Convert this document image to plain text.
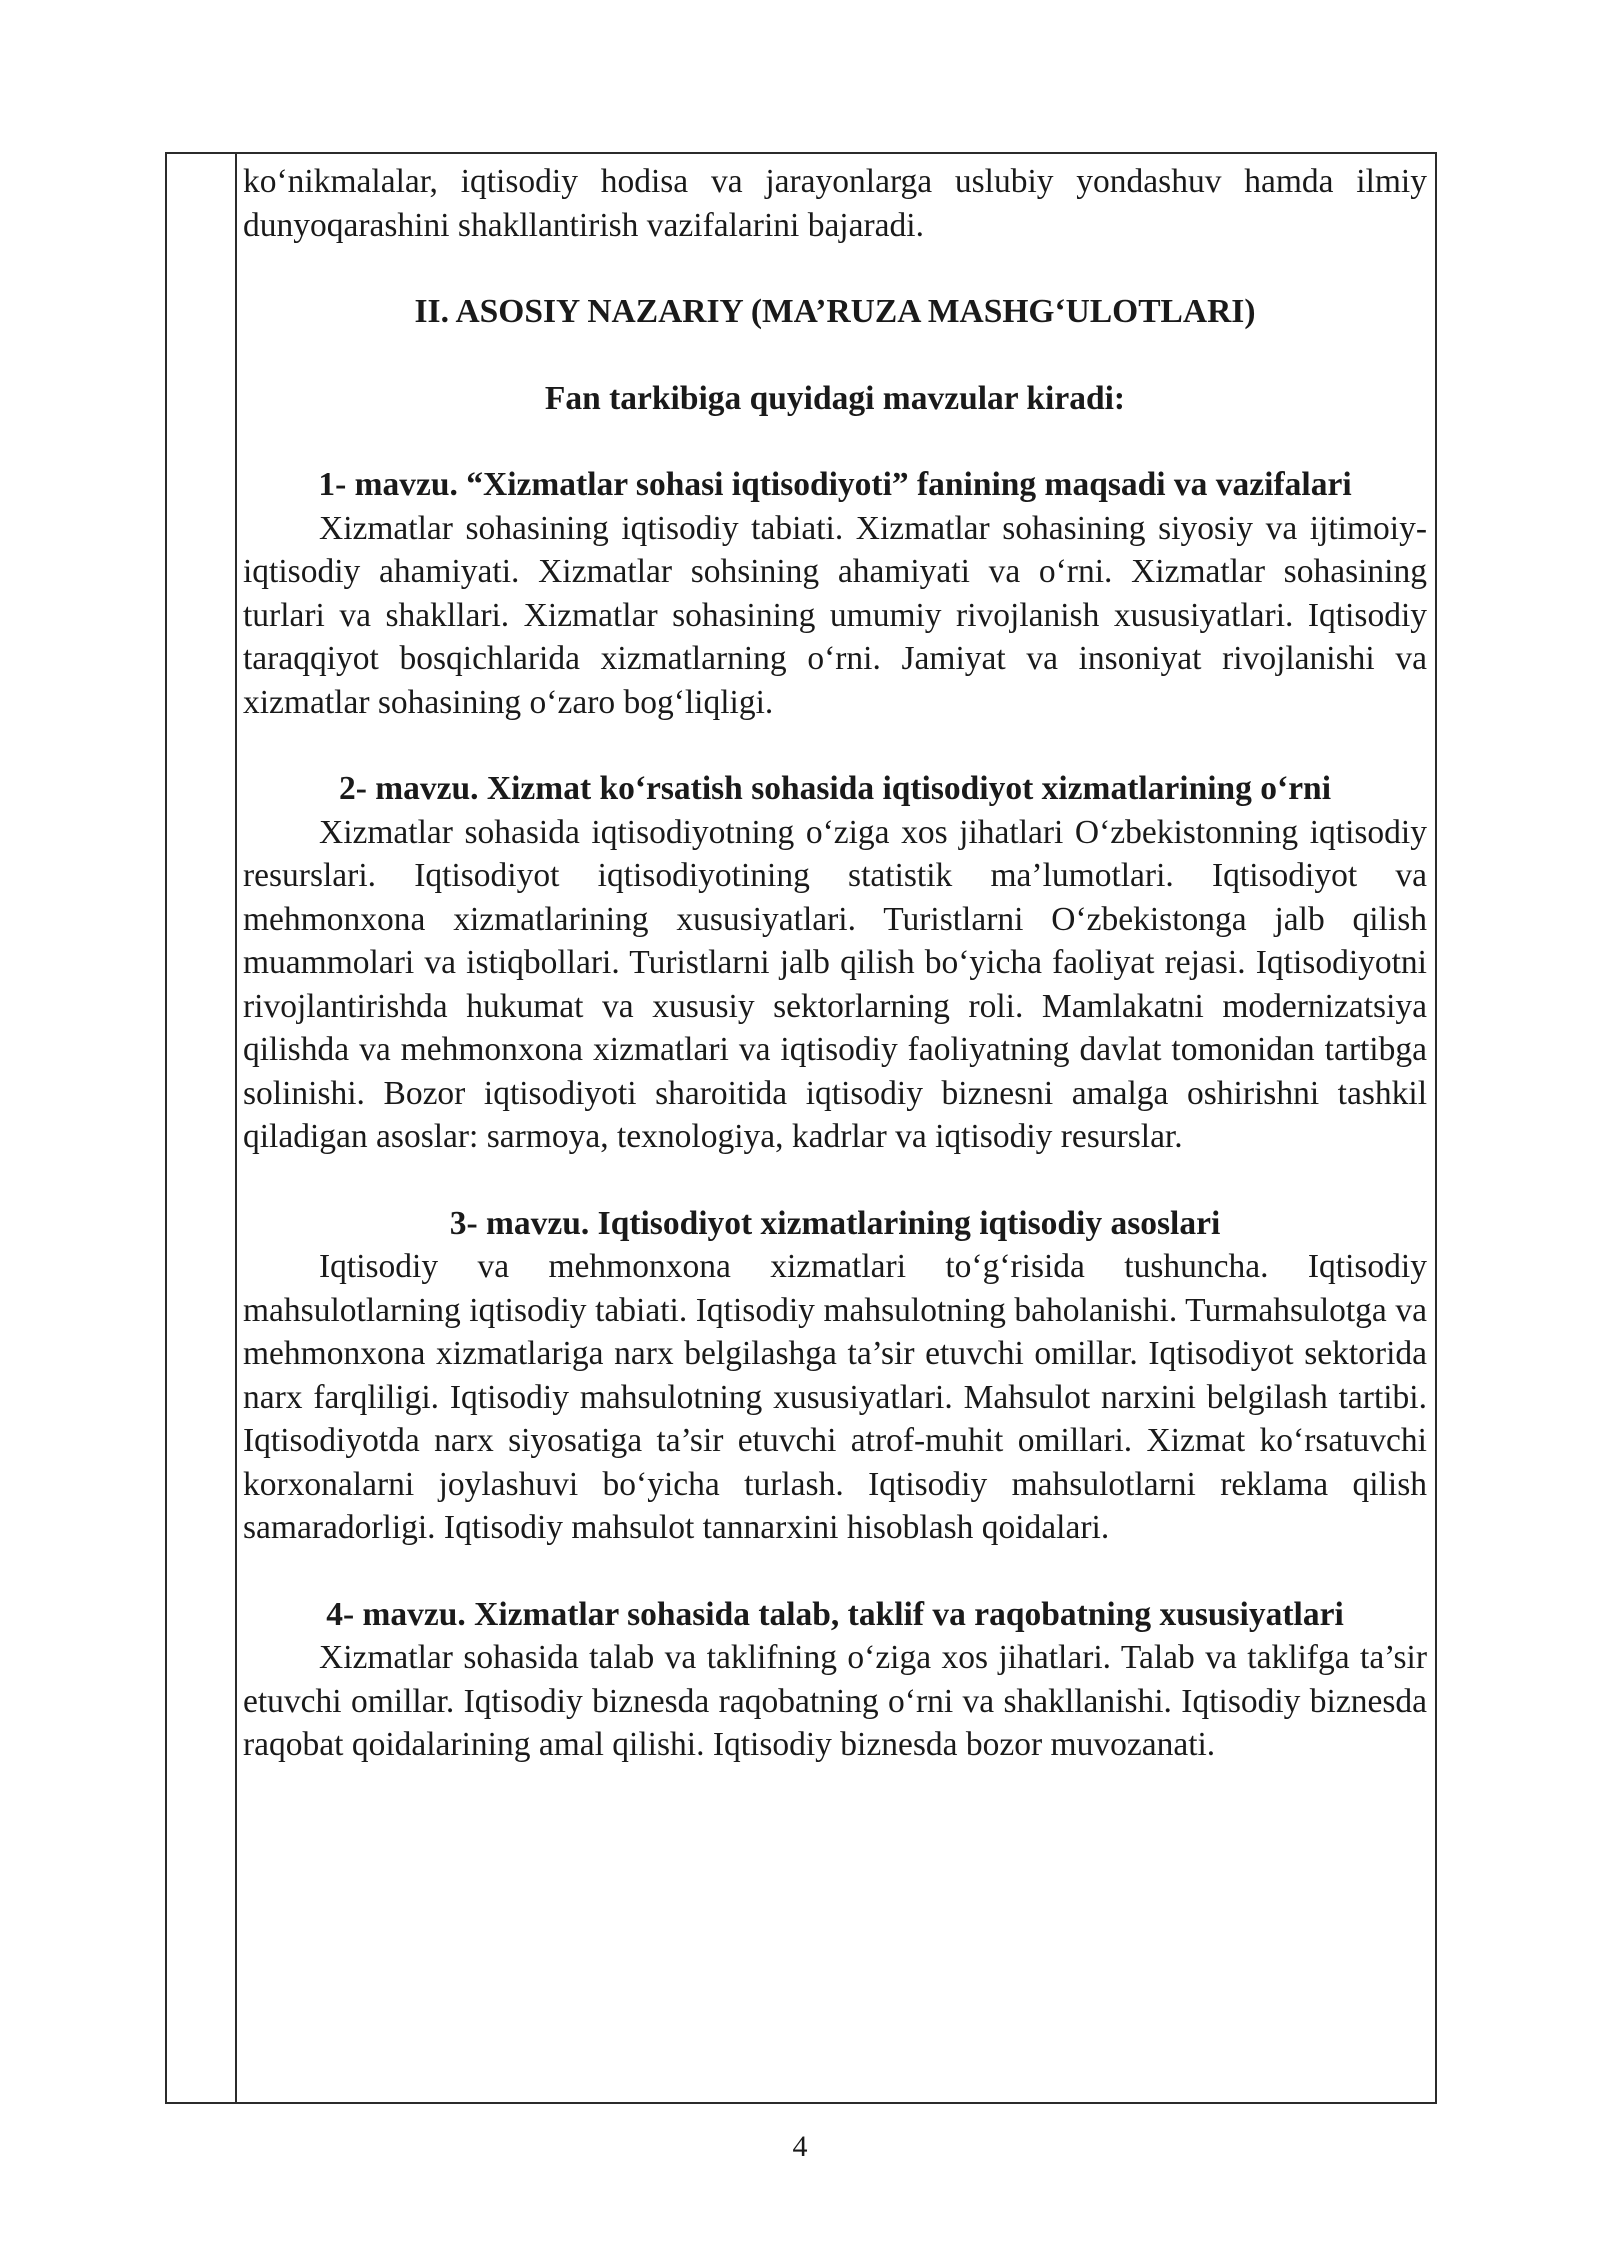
ko‘nikmalalar, iqtisodiy hodisa va jarayonlarga uslubiy yondashuv hamda ilmiy dunyoqarashini shakllantirish vazifalarini bajaradi.

II. ASOSIY NAZARIY (MA’RUZA MASHG‘ULOTLARI)
Fan tarkibiga quyidagi mavzular kiradi:
1- mavzu. “Xizmatlar sohasi iqtisodiyoti” fanining maqsadi va vazifalari

Xizmatlar sohasining iqtisodiy tabiati. Xizmatlar sohasining siyosiy va ijtimoiy-iqtisodiy ahamiyati. Xizmatlar sohsining ahamiyati va o‘rni. Xizmatlar sohasining turlari va shakllari. Xizmatlar sohasining umumiy rivojlanish xususiyatlari. Iqtisodiy taraqqiyot bosqichlarida xizmatlarning o‘rni. Jamiyat va insoniyat rivojlanishi va xizmatlar sohasining o‘zaro bog‘liqligi.

2- mavzu. Xizmat ko‘rsatish sohasida iqtisodiyot xizmatlarining o‘rni

Xizmatlar sohasida iqtisodiyotning o‘ziga xos jihatlari O‘zbekistonning iqtisodiy resurslari. Iqtisodiyot iqtisodiyotining statistik ma’lumotlari. Iqtisodiyot va mehmonxona xizmatlarining xususiyatlari. Turistlarni O‘zbekistonga jalb qilish muammolari va istiqbollari. Turistlarni jalb qilish bo‘yicha faoliyat rejasi. Iqtisodiyotni rivojlantirishda hukumat va xususiy sektorlarning roli. Mamlakatni modernizatsiya qilishda va mehmonxona xizmatlari va iqtisodiy faoliyatning davlat tomonidan tartibga solinishi. Bozor iqtisodiyoti sharoitida iqtisodiy biznesni amalga oshirishni tashkil qiladigan asoslar: sarmoya, texnologiya, kadrlar va iqtisodiy resurslar.

3- mavzu. Iqtisodiyot xizmatlarining iqtisodiy asoslari

Iqtisodiy va mehmonxona xizmatlari to‘g‘risida tushuncha. Iqtisodiy mahsulotlarning iqtisodiy tabiati. Iqtisodiy mahsulotning baholanishi. Turmahsulotga va mehmonxona xizmatlariga narx belgilashga ta’sir etuvchi omillar. Iqtisodiyot sektorida narx farqliligi. Iqtisodiy mahsulotning xususiyatlari. Mahsulot narxini belgilash tartibi. Iqtisodiyotda narx siyosatiga ta’sir etuvchi atrof-muhit omillari. Xizmat ko‘rsatuvchi korxonalarni joylashuvi bo‘yicha turlash. Iqtisodiy mahsulotlarni reklama qilish samaradorligi. Iqtisodiy mahsulot tannarxini hisoblash qoidalari.

4- mavzu. Xizmatlar sohasida talab, taklif va raqobatning xususiyatlari

Xizmatlar sohasida talab va taklifning o‘ziga xos jihatlari. Talab va taklifga ta’sir etuvchi omillar. Iqtisodiy biznesda raqobatning o‘rni va shakllanishi. Iqtisodiy biznesda raqobat qoidalarining amal qilishi. Iqtisodiy biznesda bozor muvozanati.

4
